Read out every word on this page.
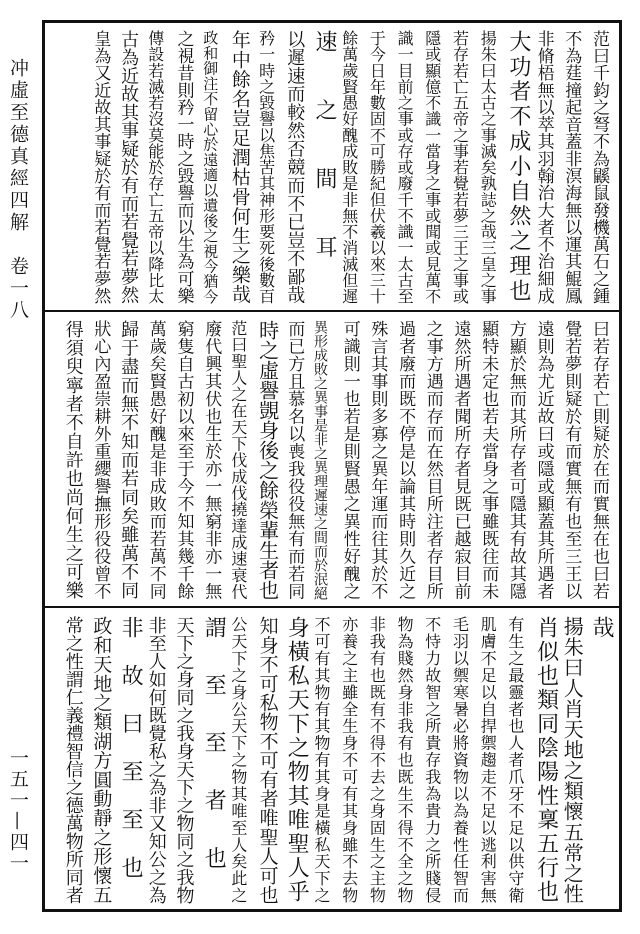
冲虛至德真經四解　卷一八
一五一—四一
范曰千鈞之弩不為鼷鼠發機萬石之鍾
不為莛撞起音蓋非溟海無以運其鯤鳳
非脩梧無以萃其羽翰治大者不治細成
大功者不成小自然之理也
揚朱曰太古之事滅矣孰誌之哉三皇之事
若存若亡五帝之事若覺若夢三王之事或
隱或顯億不識一當身之事或聞或見萬不
識一目前之事或存或廢千不識一太古至
于今日年數固不可勝紀但伏羲以來三十
餘萬歲賢愚好醜成敗是非無不消滅但遲
速之間耳
以遲速而較然否競而不已豈不鄙哉
矜一時之毀譽以焦苦其神形要死後數百
年中餘名豈足潤枯骨何生之樂哉
政和御注不留心於遠適以遺後之視今猶今
之視昔則矜一時之毀譽而以生為可樂
傳設若滅若沒莫能於存亡五帝以降比太
古為近故其事疑於有而若覺若夢然
皇為又近故其事疑於有而若覺若夢然
曰若存若亡則疑於在而實無在也曰若
覺若夢則疑於有而實無有也至三王以
遠則為尤近故曰或隱或顯蓋其所遇者
方顯於無而其所存者可隱其有故其隱
顯特未定也若夫當身之事雖既往而未
遠然所遇者聞所存者見既已越寂目前
之事方遇而存而在然目所注者存目所
過者廢而既不停是以論其時則久近之
殊言其事則多寡之異年運而往其於不
可識則一也若是則賢愚之異性好醜之
異形成敗之異事是非之異理遲速之間而於泯絕
而已方且慕名以喪我役役無有而若同
時之虛譽覬身後之餘榮輩生者也
范曰聖人之在天下伐成伐撓達成速衰代
廢代興其伏也生於亦一無窮非亦一無
窮隻自古初以來至于今不知其幾千餘
萬歲矣賢愚好醜是非成敗而若萬不同
歸于盡而無不知而若同矣雖萬不同
狀心內盈崇耕外重纓譽撫形役役曾不
得須臾寧者不自許也尚何生之可樂
哉
揚朱曰人肖天地之類懷五常之性
肖似也類同陰陽性稟五行也
有生之最靈者也人者爪牙不足以供守衛
肌膚不足以自捍禦趨走不足以逃利害無
毛羽以禦寒暑必將資物以為養性任智而
不恃力故智之所貴存我為貴力之所賤侵
物為賤然身非我有也既生不得不全之物
非我有也既有不得不去之身固生之主物
亦養之主雖全生身不可有其身雖不去物
不可有其物有其物有其身是橫私天下之
身橫私天下之物其唯聖人乎
知身不可私物不可有者唯聖人可也
公天下之身公天下之物其唯至人矣此之
謂至至者也
天下之身同之我身天下之物同之我物
非至人如何既覺私之為非又知公之為
非故曰至至也
政和天地之類湖方圓動靜之形懷五
常之性謂仁義禮智信之德萬物所同者
